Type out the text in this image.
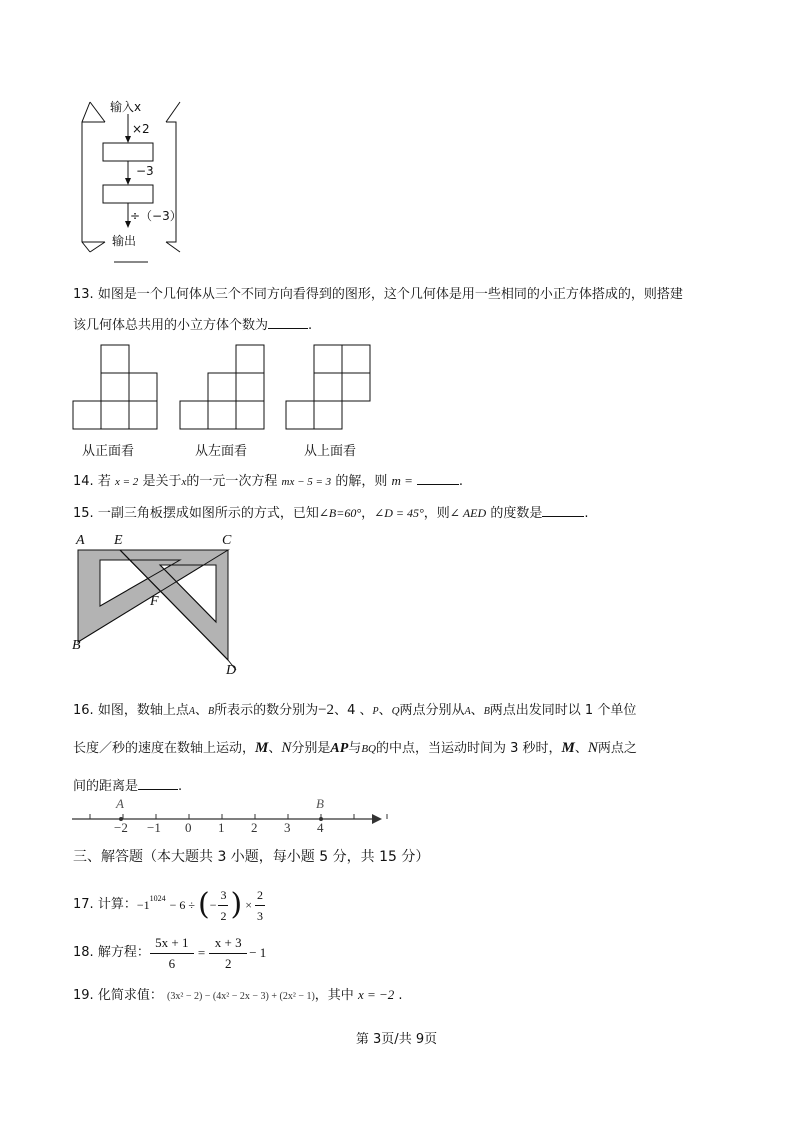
输入x
×2
−3
÷（−3）
输出
13. 如图是一个几何体从三个不同方向看得到的图形，这个几何体是用一些相同的小正方体搭成的，则搭建
该几何体总共用的小立方体个数为	.
从正面看	从左面看	从上面看
14. 若 x = 2 是关于x的一元一次方程 mx − 5 = 3 的解，则 m =	.
15. 一副三角板摆成如图所示的方式，已知∠B=60°，∠D = 45°，则∠ AED 的度数是	.
A E	C
F
B
D
16. 如图，数轴上点A、B所表示的数分别为−2、4 、P、Q两点分别从A、B两点出发同时以 1 个单位
长度／秒的速度在数轴上运动，M、N分别是AP与BQ的中点，当运动时间为 3 秒时，M、N两点之
间的距离是	.
A	B
−2 −1 0 1 2 3 4
三、解答题（本大题共 3 小题，每小题 5 分，共 15 分）
17.
计算： $-1^{1024} - 6$ ÷ ( −
3
2 ) ×
2
3
18.
解方程：
5x + 1
6
=
x + 3
2
− 1
19. 化简求值： (3x² − 2) − (4x² − 2x − 3) + (2x² − 1)，其中 x = −2 .
第 3页/共 9页
